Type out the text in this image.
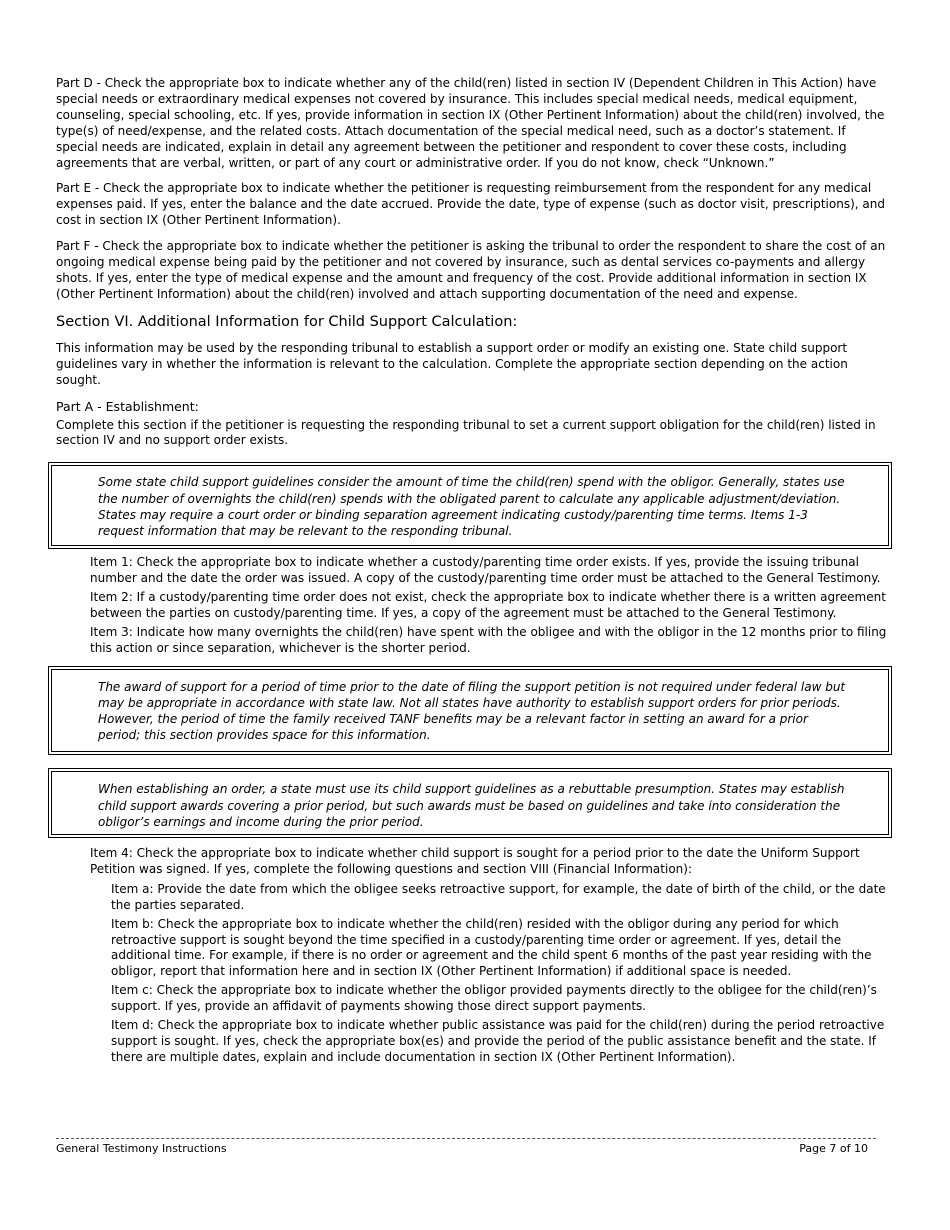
Part D - Check the appropriate box to indicate whether any of the child(ren) listed in section IV (Dependent Children in This Action) have special needs or extraordinary medical expenses not covered by insurance. This includes special medical needs, medical equipment, counseling, special schooling, etc. If yes, provide information in section IX (Other Pertinent Information) about the child(ren) involved, the type(s) of need/expense, and the related costs. Attach documentation of the special medical need, such as a doctor’s statement. If special needs are indicated, explain in detail any agreement between the petitioner and respondent to cover these costs, including agreements that are verbal, written, or part of any court or administrative order. If you do not know, check “Unknown.”

Part E - Check the appropriate box to indicate whether the petitioner is requesting reimbursement from the respondent for any medical expenses paid. If yes, enter the balance and the date accrued. Provide the date, type of expense (such as doctor visit, prescriptions), and cost in section IX (Other Pertinent Information).

Part F - Check the appropriate box to indicate whether the petitioner is asking the tribunal to order the respondent to share the cost of an ongoing medical expense being paid by the petitioner and not covered by insurance, such as dental services co-payments and allergy shots. If yes, enter the type of medical expense and the amount and frequency of the cost. Provide additional information in section IX (Other Pertinent Information) about the child(ren) involved and attach supporting documentation of the need and expense.

Section VI. Additional Information for Child Support Calculation:

This information may be used by the responding tribunal to establish a support order or modify an existing one. State child support guidelines vary in whether the information is relevant to the calculation. Complete the appropriate section depending on the action sought.

Part A - Establishment:

Complete this section if the petitioner is requesting the responding tribunal to set a current support obligation for the child(ren) listed in section IV and no support order exists.

Some state child support guidelines consider the amount of time the child(ren) spend with the obligor. Generally, states use the number of overnights the child(ren) spends with the obligated parent to calculate any applicable adjustment/deviation. States may require a court order or binding separation agreement indicating custody/parenting time terms. Items 1-3 request information that may be relevant to the responding tribunal.

Item 1: Check the appropriate box to indicate whether a custody/parenting time order exists. If yes, provide the issuing tribunal number and the date the order was issued. A copy of the custody/parenting time order must be attached to the General Testimony.

Item 2: If a custody/parenting time order does not exist, check the appropriate box to indicate whether there is a written agreement between the parties on custody/parenting time. If yes, a copy of the agreement must be attached to the General Testimony.

Item 3: Indicate how many overnights the child(ren) have spent with the obligee and with the obligor in the 12 months prior to filing this action or since separation, whichever is the shorter period.

The award of support for a period of time prior to the date of filing the support petition is not required under federal law but may be appropriate in accordance with state law. Not all states have authority to establish support orders for prior periods. However, the period of time the family received TANF benefits may be a relevant factor in setting an award for a prior period; this section provides space for this information.

When establishing an order, a state must use its child support guidelines as a rebuttable presumption. States may establish child support awards covering a prior period, but such awards must be based on guidelines and take into consideration the obligor’s earnings and income during the prior period.

Item 4: Check the appropriate box to indicate whether child support is sought for a period prior to the date the Uniform Support Petition was signed. If yes, complete the following questions and section VIII (Financial Information):

Item a: Provide the date from which the obligee seeks retroactive support, for example, the date of birth of the child, or the date the parties separated.

Item b: Check the appropriate box to indicate whether the child(ren) resided with the obligor during any period for which retroactive support is sought beyond the time specified in a custody/parenting time order or agreement. If yes, detail the additional time. For example, if there is no order or agreement and the child spent 6 months of the past year residing with the obligor, report that information here and in section IX (Other Pertinent Information) if additional space is needed.

Item c: Check the appropriate box to indicate whether the obligor provided payments directly to the obligee for the child(ren)’s support. If yes, provide an affidavit of payments showing those direct support payments.

Item d: Check the appropriate box to indicate whether public assistance was paid for the child(ren) during the period retroactive support is sought. If yes, check the appropriate box(es) and provide the period of the public assistance benefit and the state. If there are multiple dates, explain and include documentation in section IX (Other Pertinent Information).

General Testimony Instructions	Page 7 of 10
